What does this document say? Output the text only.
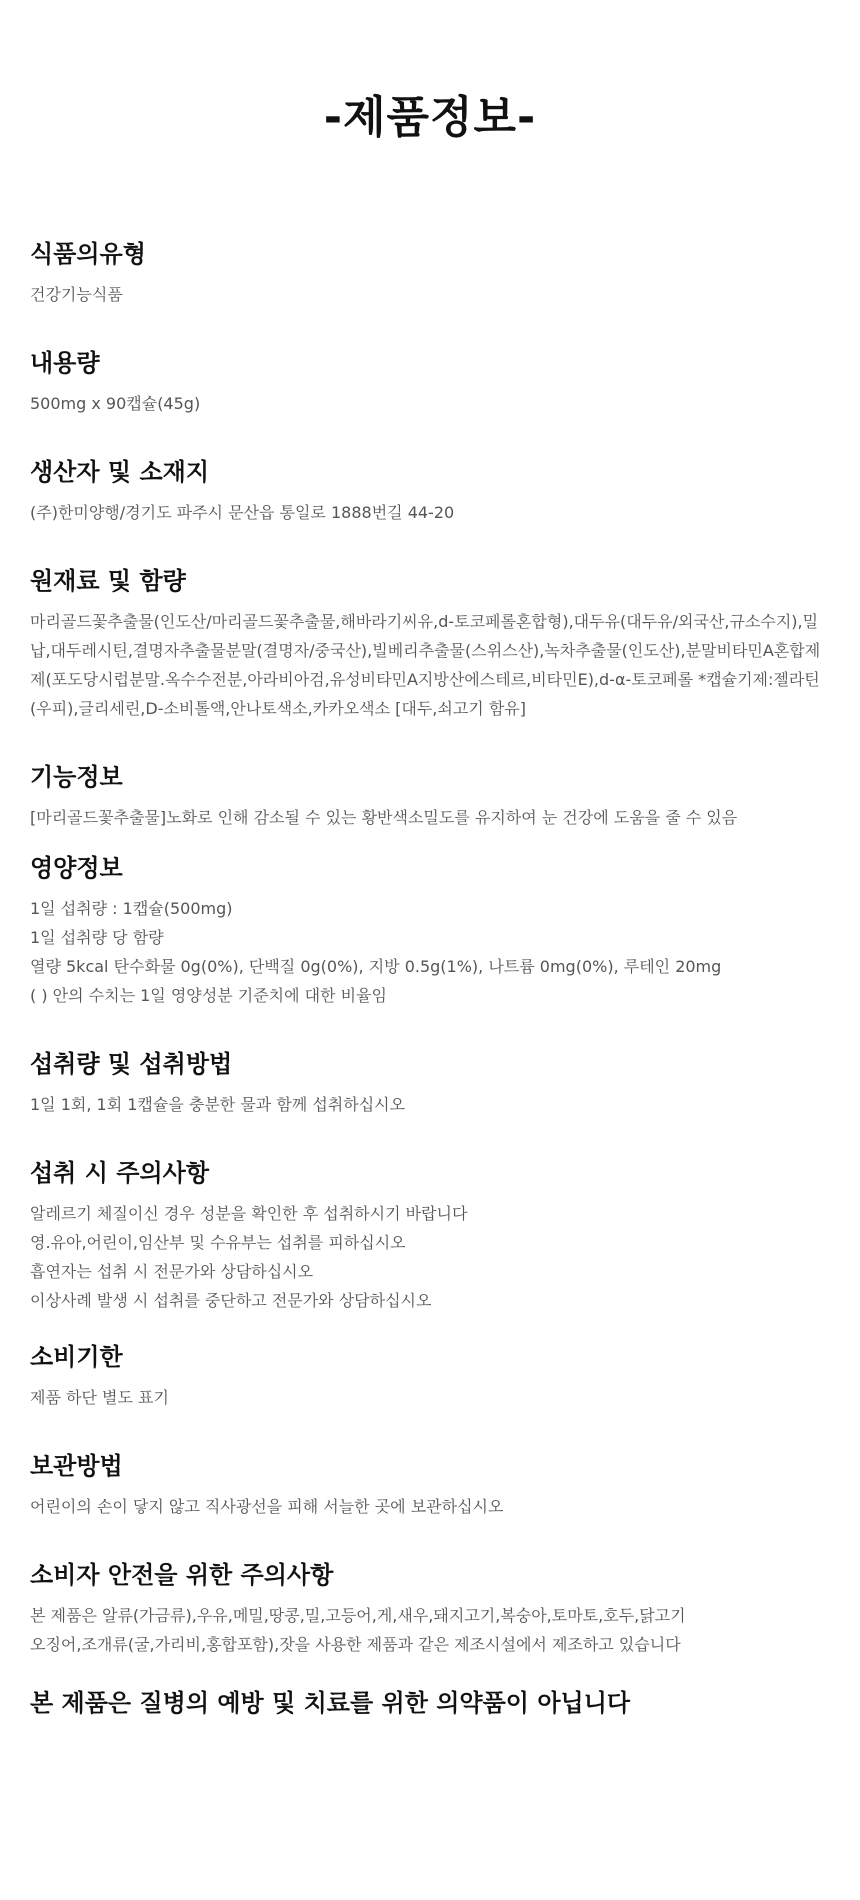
-제품정보-
식품의유형

건강기능식품

내용량

500mg x 90캡슐(45g)

생산자 및 소재지

(주)한미양행/경기도 파주시 문산읍 통일로 1888번길 44-20

원재료 및 함량

마리골드꽃추출물(인도산/마리골드꽃추출물,해바라기씨유,d-토코페롤혼합형),대두유(대두유/외국산,규소수지),밀납,대두레시틴,결명자추출물분말(결명자/중국산),빌베리추출물(스위스산),녹차추출물(인도산),분말비타민A혼합제제(포도당시럽분말.옥수수전분,아라비아검,유성비타민A지방산에스테르,비타민E),d-α-토코페롤 *캡슐기제:젤라틴(우피),글리세린,D-소비톨액,안나토색소,카카오색소 [대두,쇠고기 함유]

기능정보

[마리골드꽃추출물]노화로 인해 감소될 수 있는 황반색소밀도를 유지하여 눈 건강에 도움을 줄 수 있음

영양정보

1일 섭취량 : 1캡슐(500mg)

1일 섭취량 당 함량

열량 5kcal 탄수화물 0g(0%), 단백질 0g(0%), 지방 0.5g(1%), 나트륨 0mg(0%), 루테인 20mg

( ) 안의 수치는 1일 영양성분 기준치에 대한 비율임

섭취량 및 섭취방법

1일 1회, 1회 1캡슐을 충분한 물과 함께 섭취하십시오

섭취 시 주의사항

알레르기 체질이신 경우 성분을 확인한 후 섭취하시기 바랍니다

영.유아,어린이,임산부 및 수유부는 섭취를 피하십시오

흡연자는 섭취 시 전문가와 상담하십시오

이상사례 발생 시 섭취를 중단하고 전문가와 상담하십시오

소비기한

제품 하단 별도 표기

보관방법

어린이의 손이 닿지 않고 직사광선을 피해 서늘한 곳에 보관하십시오

소비자 안전을 위한 주의사항

본 제품은 알류(가금류),우유,메밀,땅콩,밀,고등어,게,새우,돼지고기,복숭아,토마토,호두,닭고기

오징어,조개류(굴,가리비,홍합포함),잣을 사용한 제품과 같은 제조시설에서 제조하고 있습니다

본 제품은 질병의 예방 및 치료를 위한 의약품이 아닙니다
